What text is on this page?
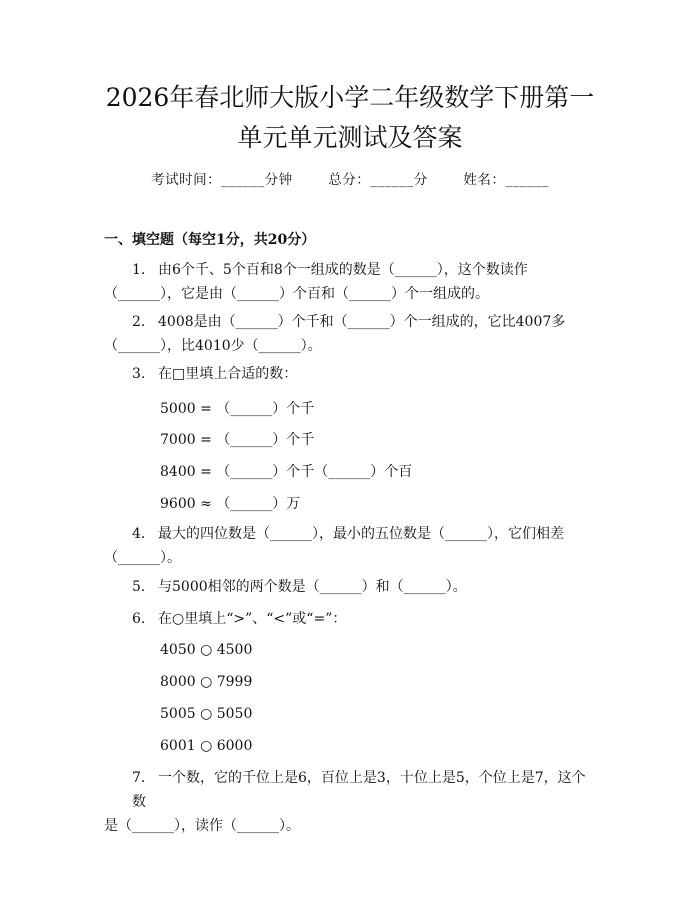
2026年春北师大版小学二年级数学下册第一
单元单元测试及答案
考试时间：______分钟	总分：______分	姓名：______
一、填空题（每空1分，共20分）
1. 由6个千、5个百和8个一组成的数是（______），这个数读作
（______），它是由（______）个百和（______）个一组成的。
2. 4008是由（______）个千和（______）个一组成的，它比4007多
（______），比4010少（______）。
3. 在□里填上合适的数：
5000 = （______）个千
7000 = （______）个千
8400 = （______）个千（______）个百
9600 ≈ （______）万
4. 最大的四位数是（______），最小的五位数是（______），它们相差
（______）。
5. 与5000相邻的两个数是（______）和（______）。
6. 在○里填上“>”、“<”或“=”：
4050 ○ 4500
8000 ○ 7999
5005 ○ 5050
6001 ○ 6000
7. 一个数，它的千位上是6，百位上是3，十位上是5，个位上是7，这个数
是（______），读作（______）。
